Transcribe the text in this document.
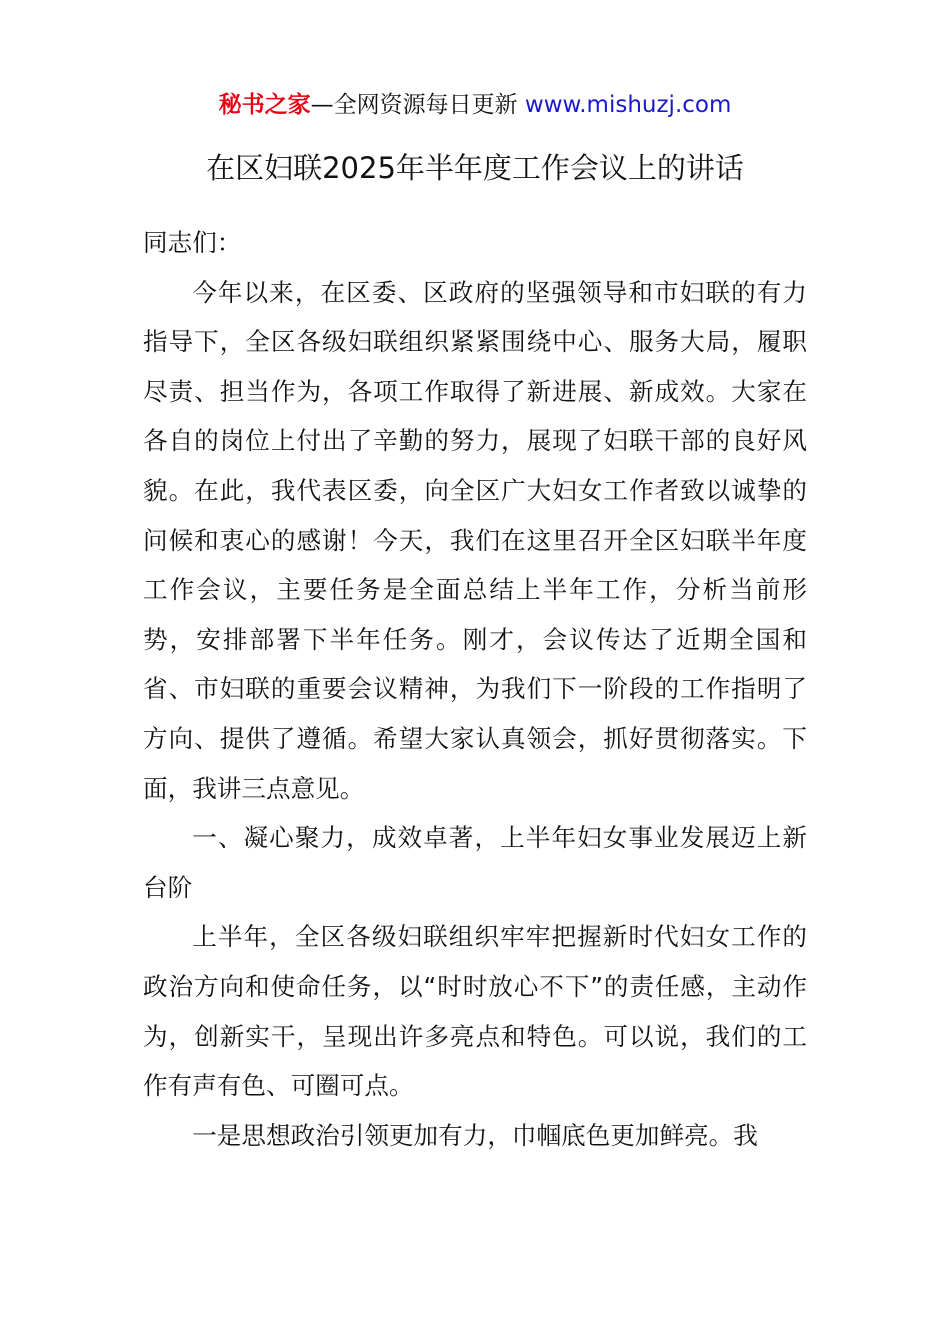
秘书之家—全网资源每日更新 www.mishuzj.com
在区妇联2025年半年度工作会议上的讲话

同志们：

今年以来，在区委、区政府的坚强领导和市妇联的有力指导下，全区各级妇联组织紧紧围绕中心、服务大局，履职尽责、担当作为，各项工作取得了新进展、新成效。大家在各自的岗位上付出了辛勤的努力，展现了妇联干部的良好风貌。在此，我代表区委，向全区广大妇女工作者致以诚挚的问候和衷心的感谢！今天，我们在这里召开全区妇联半年度工作会议，主要任务是全面总结上半年工作，分析当前形势，安排部署下半年任务。刚才，会议传达了近期全国和省、市妇联的重要会议精神，为我们下一阶段的工作指明了方向、提供了遵循。希望大家认真领会，抓好贯彻落实。下面，我讲三点意见。

一、凝心聚力，成效卓著，上半年妇女事业发展迈上新台阶

上半年，全区各级妇联组织牢牢把握新时代妇女工作的政治方向和使命任务，以“时时放心不下”的责任感，主动作为，创新实干，呈现出许多亮点和特色。可以说，我们的工作有声有色、可圈可点。

一是思想政治引领更加有力，巾帼底色更加鲜亮。我
